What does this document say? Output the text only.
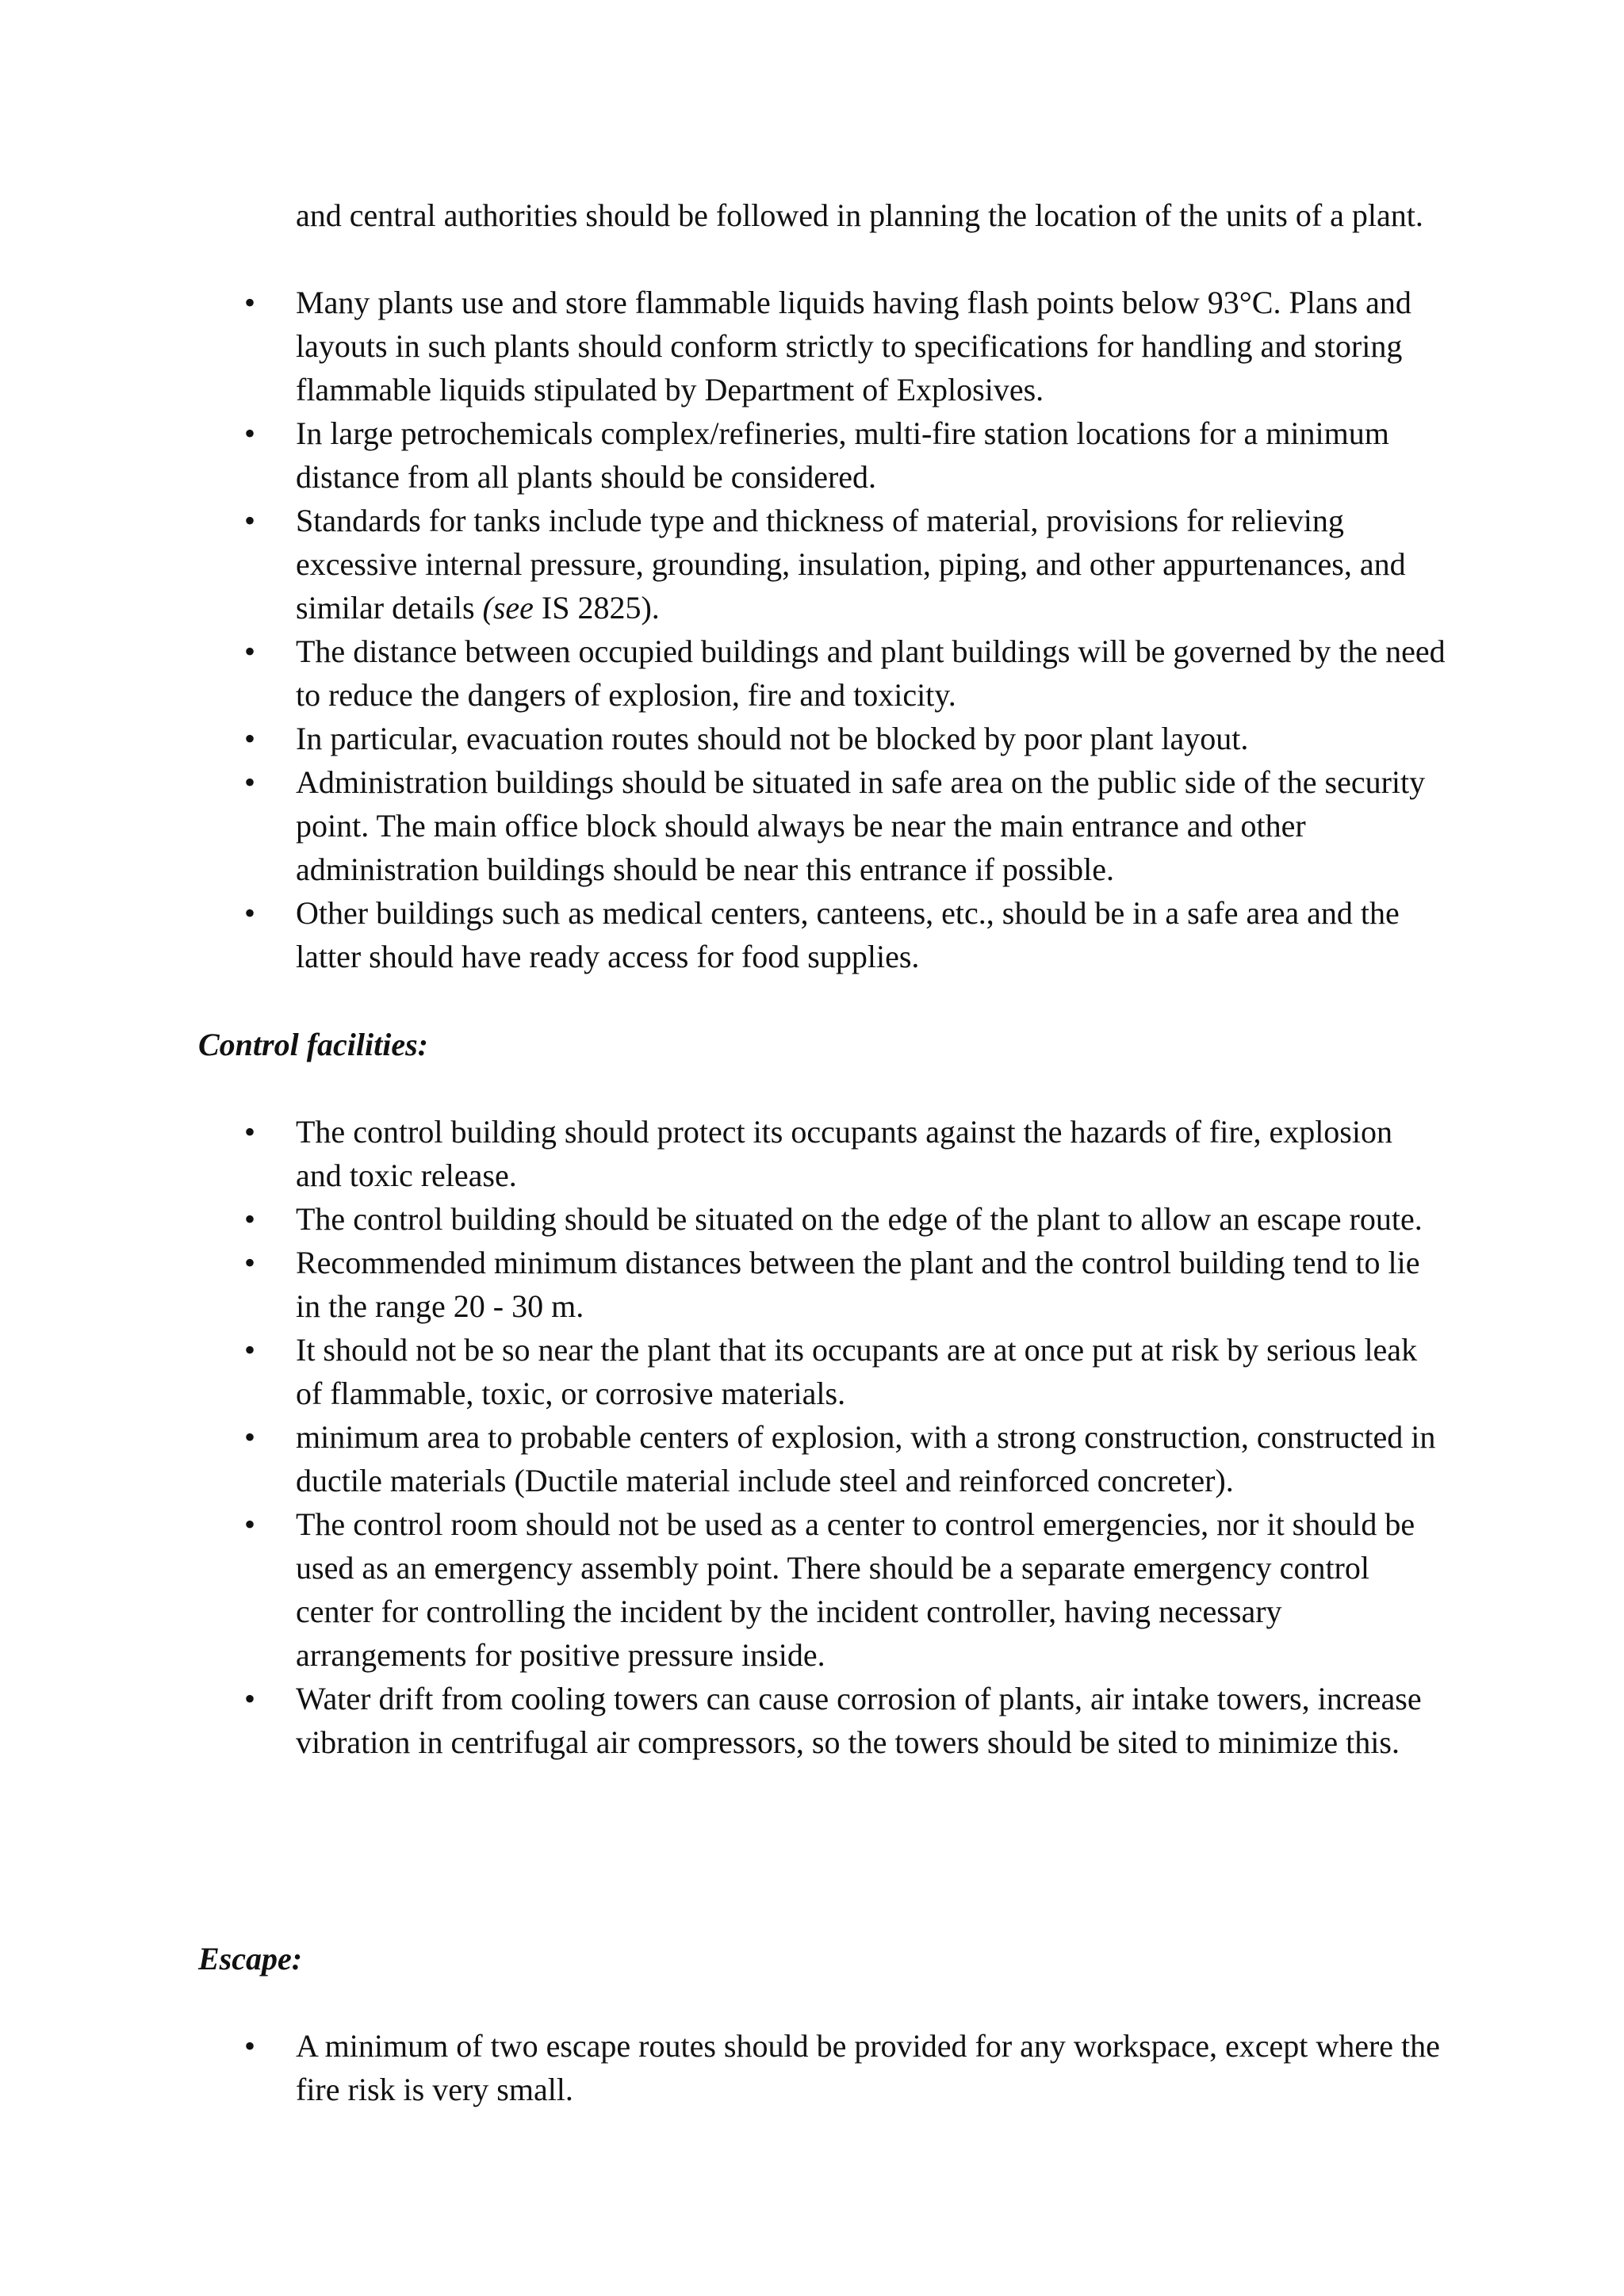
and central authorities should be followed in planning the location of the units of a plant.

• Many plants use and store flammable liquids having flash points below 93°C. Plans and layouts in such plants should conform strictly to specifications for handling and storing flammable liquids stipulated by Department of Explosives.
• In large petrochemicals complex/refineries, multi-fire station locations for a minimum distance from all plants should be considered.
• Standards for tanks include type and thickness of material, provisions for relieving excessive internal pressure, grounding, insulation, piping, and other appurtenances, and similar details (see IS 2825).
• The distance between occupied buildings and plant buildings will be governed by the need to reduce the dangers of explosion, fire and toxicity.
• In particular, evacuation routes should not be blocked by poor plant layout.
• Administration buildings should be situated in safe area on the public side of the security point. The main office block should always be near the main entrance and other administration buildings should be near this entrance if possible.
• Other buildings such as medical centers, canteens, etc., should be in a safe area and the latter should have ready access for food supplies.
Control facilities:
• The control building should protect its occupants against the hazards of fire, explosion and toxic release.
• The control building should be situated on the edge of the plant to allow an escape route.
• Recommended minimum distances between the plant and the control building tend to lie in the range 20 - 30 m.
• It should not be so near the plant that its occupants are at once put at risk by serious leak of flammable, toxic, or corrosive materials.
• minimum area to probable centers of explosion, with a strong construction, constructed in ductile materials (Ductile material include steel and reinforced concreter).
• The control room should not be used as a center to control emergencies, nor it should be used as an emergency assembly point. There should be a separate emergency control center for controlling the incident by the incident controller, having necessary arrangements for positive pressure inside.
• Water drift from cooling towers can cause corrosion of plants, air intake towers, increase vibration in centrifugal air compressors, so the towers should be sited to minimize this.
Escape:
• A minimum of two escape routes should be provided for any workspace, except where the fire risk is very small.
